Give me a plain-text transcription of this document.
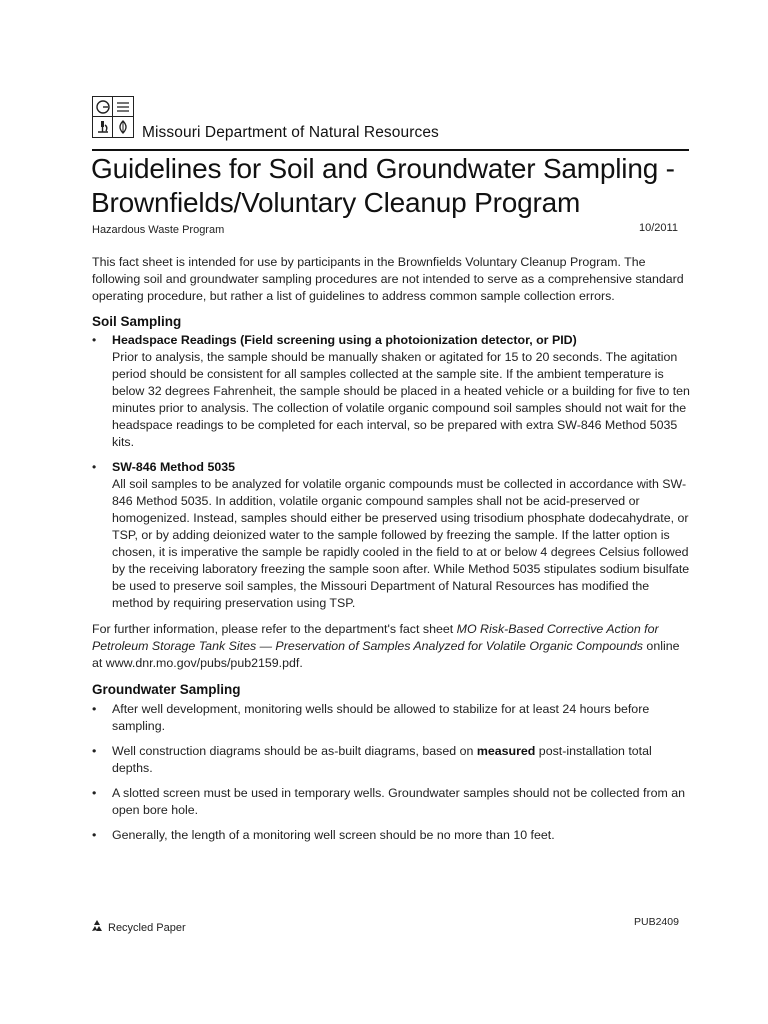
Missouri Department of Natural Resources
Guidelines for Soil and Groundwater Sampling -
Brownfields/Voluntary Cleanup Program
Hazardous Waste Program	10/2011

This fact sheet is intended for use by participants in the Brownfields Voluntary Cleanup Program. The following soil and groundwater sampling procedures are not intended to serve as a comprehensive standard operating procedure, but rather a list of guidelines to address common sample collection errors.

Soil Sampling
• Headspace Readings (Field screening using a photoionization detector, or PID)
Prior to analysis, the sample should be manually shaken or agitated for 15 to 20 seconds. The agitation period should be consistent for all samples collected at the sample site. If the ambient temperature is below 32 degrees Fahrenheit, the sample should be placed in a heated vehicle or a building for five to ten minutes prior to analysis. The collection of volatile organic compound soil samples should not wait for the headspace readings to be completed for each interval, so be prepared with extra SW-846 Method 5035 kits.
• SW-846 Method 5035
All soil samples to be analyzed for volatile organic compounds must be collected in accordance with SW-846 Method 5035. In addition, volatile organic compound samples shall not be acid-preserved or homogenized. Instead, samples should either be preserved using trisodium phosphate dodecahydrate, or TSP, or by adding deionized water to the sample followed by freezing the sample. If the latter option is chosen, it is imperative the sample be rapidly cooled in the field to at or below 4 degrees Celsius followed by the receiving laboratory freezing the sample soon after. While Method 5035 stipulates sodium bisulfate be used to preserve soil samples, the Missouri Department of Natural Resources has modified the method by requiring preservation using TSP.

For further information, please refer to the department's fact sheet MO Risk-Based Corrective Action for Petroleum Storage Tank Sites — Preservation of Samples Analyzed for Volatile Organic Compounds online at www.dnr.mo.gov/pubs/pub2159.pdf.

Groundwater Sampling
• After well development, monitoring wells should be allowed to stabilize for at least 24 hours before sampling.
• Well construction diagrams should be as-built diagrams, based on measured post-installation total depths.
• A slotted screen must be used in temporary wells. Groundwater samples should not be collected from an open bore hole.
• Generally, the length of a monitoring well screen should be no more than 10 feet.
Recycled Paper	PUB2409
